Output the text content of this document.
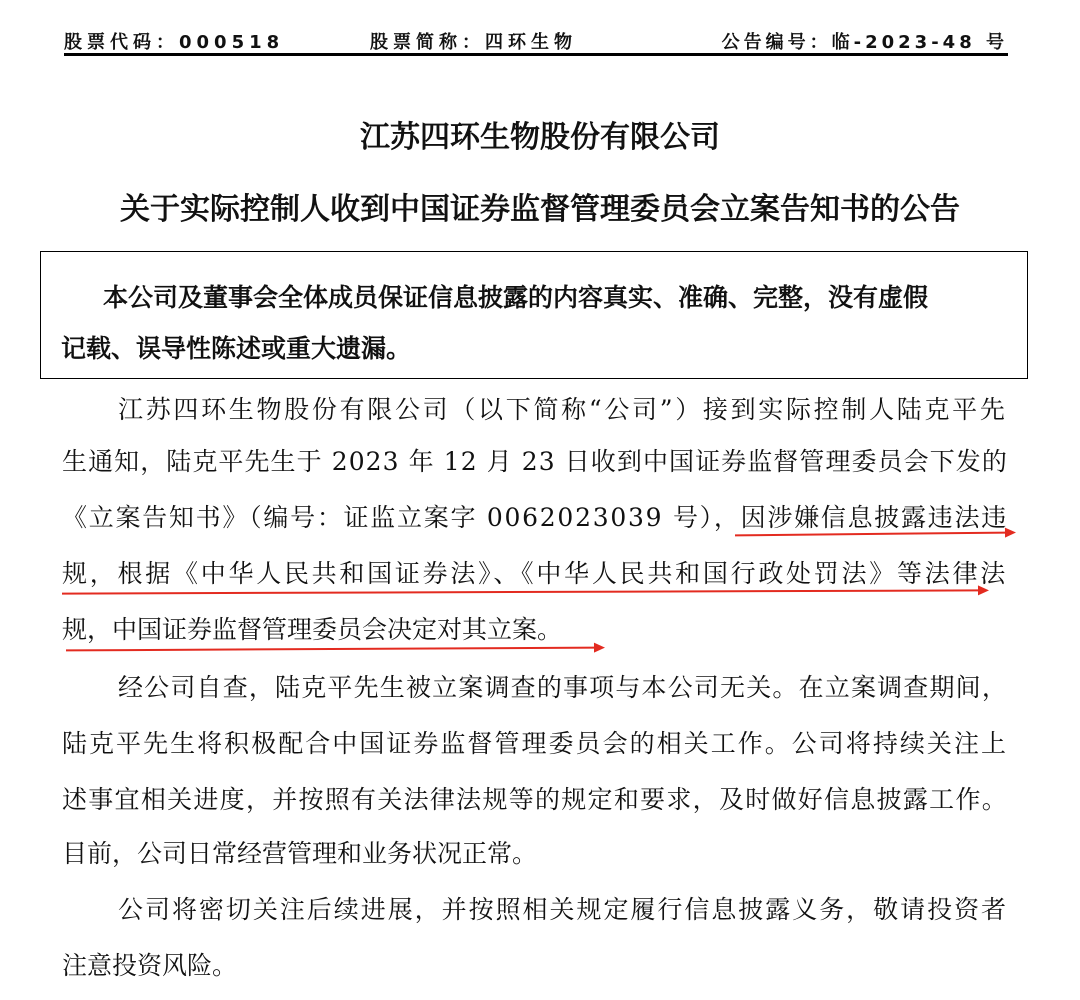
股票代码：000518	股票简称：四环生物	公告编号：临-2023-48 号
江苏四环生物股份有限公司
关于实际控制人收到中国证券监督管理委员会立案告知书的公告
本公司及董事会全体成员保证信息披露的内容真实、准确、完整，没有虚假
记载、误导性陈述或重大遗漏。
江苏四环生物股份有限公司（以下简称“公司”）接到实际控制人陆克平先
生通知，陆克平先生于 2023 年 12 月 23 日收到中国证券监督管理委员会下发的
《立案告知书》（编号：证监立案字 0062023039 号），因涉嫌信息披露违法违
规，根据《中华人民共和国证券法》、《中华人民共和国行政处罚法》等法律法
规，中国证券监督管理委员会决定对其立案。
经公司自查，陆克平先生被立案调查的事项与本公司无关。在立案调查期间，
陆克平先生将积极配合中国证券监督管理委员会的相关工作。公司将持续关注上
述事宜相关进度，并按照有关法律法规等的规定和要求，及时做好信息披露工作。
目前，公司日常经营管理和业务状况正常。
公司将密切关注后续进展，并按照相关规定履行信息披露义务，敬请投资者
注意投资风险。
